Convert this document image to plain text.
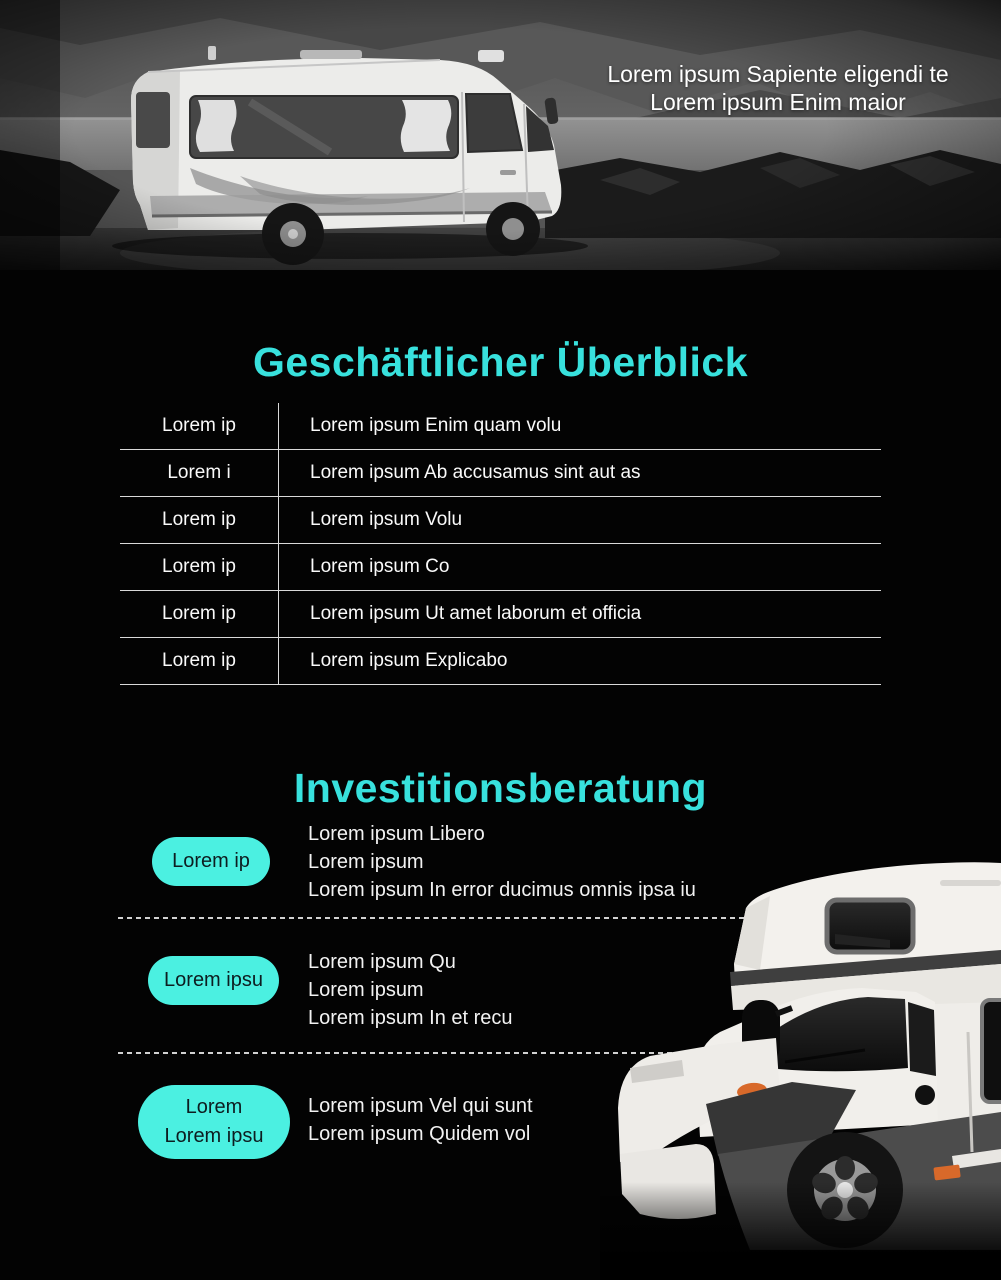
Lorem ipsum Sapiente eligendi te
Lorem ipsum Enim maior
Geschäftlicher Überblick
Lorem ip	Lorem ipsum Enim quam volu
Lorem i	Lorem ipsum Ab accusamus sint aut as
Lorem ip	Lorem ipsum Volu
Lorem ip	Lorem ipsum Co
Lorem ip	Lorem ipsum Ut amet laborum et officia
Lorem ip	Lorem ipsum Explicabo
Investitionsberatung
Lorem ip
Lorem ipsum Libero
Lorem ipsum
Lorem ipsum In error ducimus omnis ipsa iu
Lorem ipsu
Lorem ipsum Qu
Lorem ipsum
Lorem ipsum In et recu
Lorem
Lorem ipsu
Lorem ipsum Vel qui sunt
Lorem ipsum Quidem vol
